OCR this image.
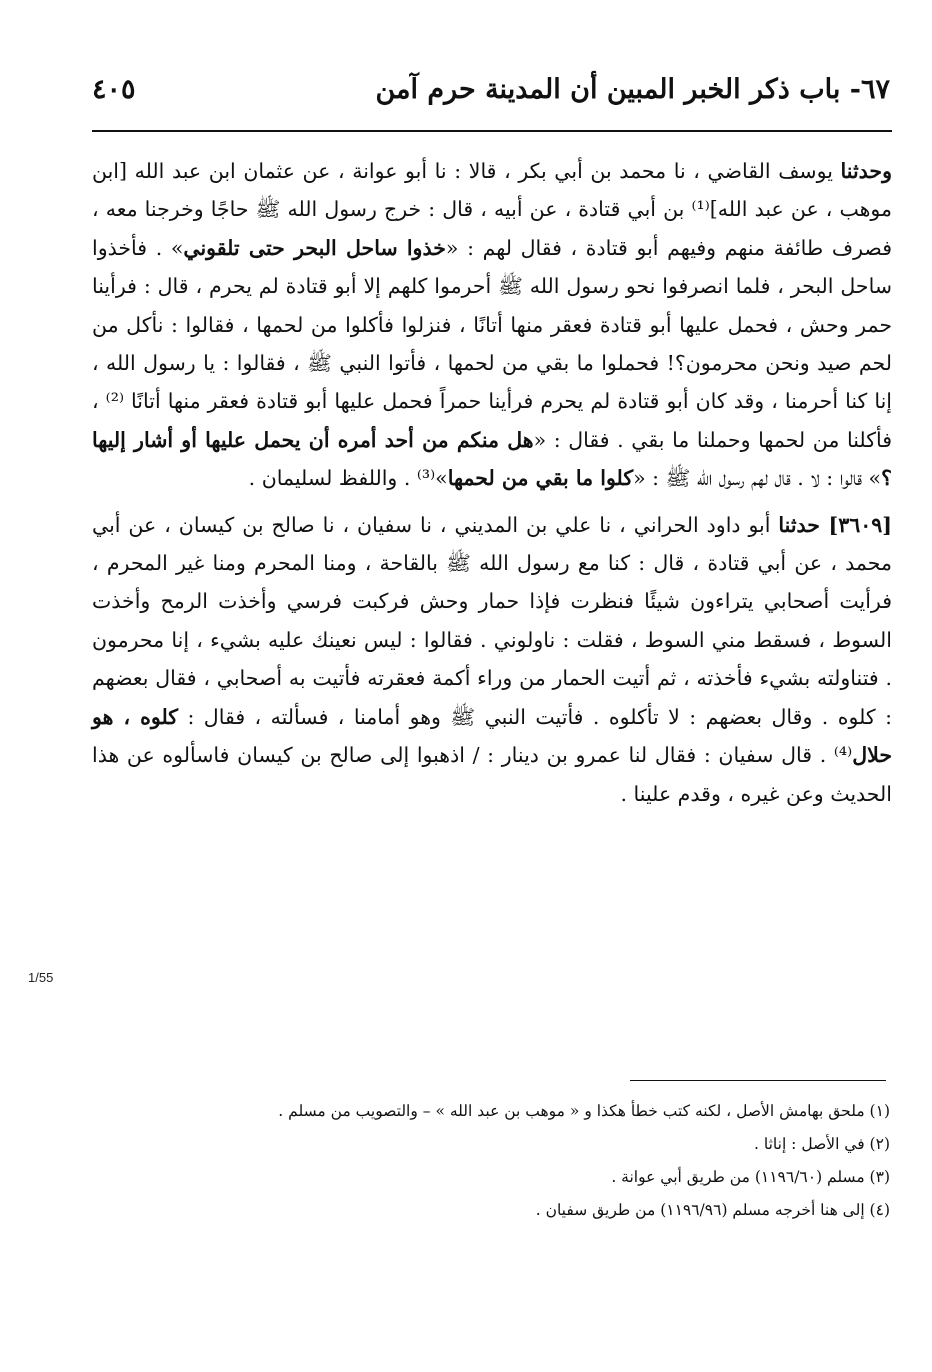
٦٧- باب ذكر الخبر المبين أن المدينة حرم آمن
٤٠٥

وحدثنا يوسف القاضي ، نا محمد بن أبي بكر ، قالا : نا أبو عوانة ، عن عثمان ابن عبد الله [ابن موهب ، عن عبد الله]⁽¹⁾ بن أبي قتادة ، عن أبيه ، قال : خرج رسول الله ﷺ حاجًا وخرجنا معه ، فصرف طائفة منهم وفيهم أبو قتادة ، فقال لهم : «خذوا ساحل البحر حتى تلقوني» . فأخذوا ساحل البحر ، فلما انصرفوا نحو رسول الله ﷺ أحرموا كلهم إلا أبو قتادة لم يحرم ، قال : فرأينا حمر وحش ، فحمل عليها أبو قتادة فعقر منها أتانًا ، فنزلوا فأكلوا من لحمها ، فقالوا : نأكل من لحم صيد ونحن محرمون؟! فحملوا ما بقي من لحمها ، فأتوا النبي ﷺ ، فقالوا : يا رسول الله ، إنا كنا أحرمنا ، وقد كان أبو قتادة لم يحرم فرأينا حمراً فحمل عليها أبو قتادة فعقر منها أتانًا ⁽²⁾ ، فأكلنا من لحمها وحملنا ما بقي . فقال : «هل منكم من أحد أمره أن يحمل عليها أو أشار إليها ؟» قالوا : لا . قال لهم رسول الله ﷺ : «كلوا ما بقي من لحمها»⁽³⁾ . واللفظ لسليمان .

[٣٦٠٩] حدثنا أبو داود الحراني ، نا علي بن المديني ، نا سفيان ، نا صالح بن كيسان ، عن أبي محمد ، عن أبي قتادة ، قال : كنا مع رسول الله ﷺ بالقاحة ، ومنا المحرم ومنا غير المحرم ، فرأيت أصحابي يتراءون شيئًا فنظرت فإذا حمار وحش فركبت فرسي وأخذت الرمح وأخذت السوط ، فسقط مني السوط ، فقلت : ناولوني . فقالوا : ليس نعينك عليه بشيء ، إنا محرمون . فتناولته بشيء فأخذته ، ثم أتيت الحمار من وراء أكمة فعقرته فأتيت به أصحابي ، فقال بعضهم : كلوه . وقال بعضهم : لا تأكلوه . فأتيت النبي ﷺ وهو أمامنا ، فسألته ، فقال : كلوه ، هو حلال⁽⁴⁾ . قال سفيان : فقال لنا عمرو بن دينار : / اذهبوا إلى صالح بن كيسان فاسألوه عن هذا الحديث وعن غيره ، وقدم علينا .

1/55

(١) ملحق بهامش الأصل ، لكنه كتب خطأ هكذا و « موهب بن عبد الله » – والتصويب من مسلم .

(٢) في الأصل : إناثا .

(٣) مسلم (١١٩٦/٦٠) من طريق أبي عوانة .

(٤) إلى هنا أخرجه مسلم (١١٩٦/٩٦) من طريق سفيان .
